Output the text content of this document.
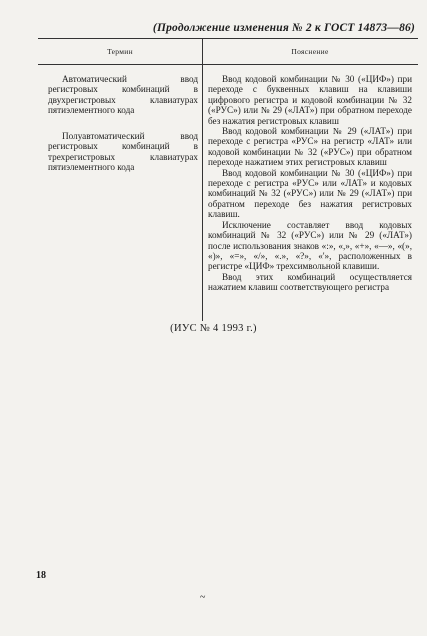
(Продолжение изменения № 2 к ГОСТ 14873—86)
Термин	Пояснение
Автоматический ввод регистровых комбинаций в двухрегистровых клавиатурах пятиэлементного кода
Полуавтоматический ввод регистровых комбинаций в трехрегистровых клавиатурах пятиэлементного кода

Ввод кодовой комбинации № 30 («ЦИФ») при переходе с буквенных клавиш на клавиши цифрового регистра и кодовой комбинации № 32 («РУС») или № 29 («ЛАТ») при обратном переходе без нажатия регистровых клавиш

Ввод кодовой комбинации № 29 («ЛАТ») при переходе с регистра «РУС» на регистр «ЛАТ» или кодовой комбинации № 32 («РУС») при обратном переходе нажатием этих регистровых клавиш

Ввод кодовой комбинации № 30 («ЦИФ») при переходе с регистра «РУС» или «ЛАТ» и кодовых комбинаций № 32 («РУС») или № 29 («ЛАТ») при обратном переходе без нажатия регистровых клавиш.

Исключение составляет ввод кодовых комбинаций № 32 («РУС») или № 29 («ЛАТ») после использования знаков «:», «,», «+», «—», «(», «)», «=», «/», «.», «?», «'», расположенных в регистре «ЦИФ» трехсимвольной клавиши.

Ввод этих комбинаций осуществляется нажатием клавиш соответствующего регистра

(ИУС № 4 1993 г.)
18
~
